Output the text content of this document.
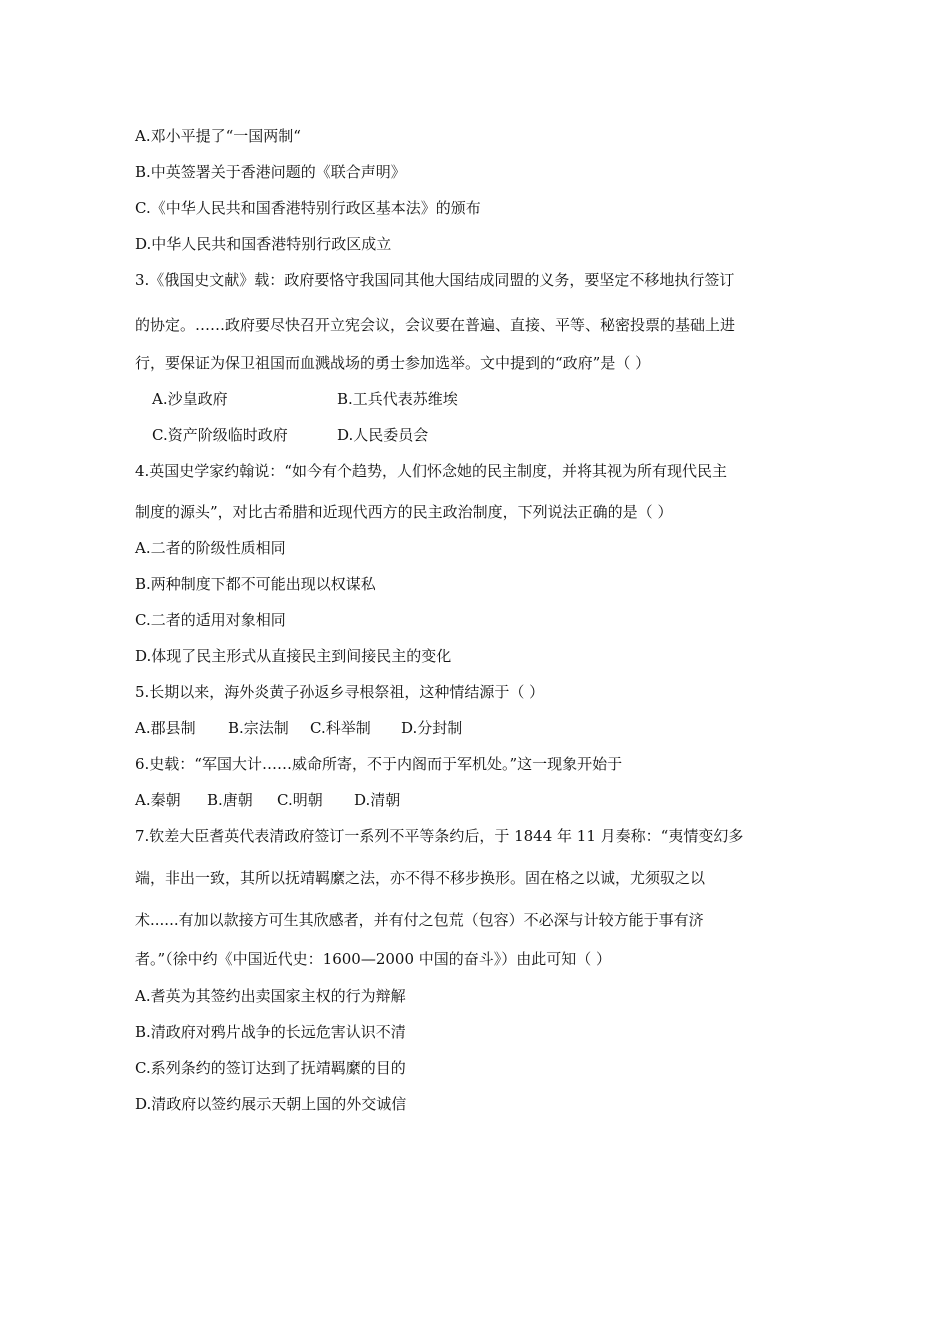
A.邓小平提了“一国两制“
B.中英签署关于香港问题的《联合声明》
C.《中华人民共和国香港特别行政区基本法》的颁布
D.中华人民共和国香港特别行政区成立
3.《俄国史文献》载：政府要恪守我国同其他大国结成同盟的义务，要坚定不移地执行签订
的协定。……政府要尽快召开立宪会议，会议要在普遍、直接、平等、秘密投票的基础上进
行，要保证为保卫祖国而血溅战场的勇士参加选举。文中提到的“政府”是（ ）
A.沙皇政府	B.工兵代表苏维埃
C.资产阶级临时政府	D.人民委员会
4.英国史学家约翰说：“如今有个趋势，人们怀念她的民主制度，并将其视为所有现代民主
制度的源头”，对比古希腊和近现代西方的民主政治制度，下列说法正确的是（ ）
A.二者的阶级性质相同
B.两种制度下都不可能出现以权谋私
C.二者的适用对象相同
D.体现了民主形式从直接民主到间接民主的变化
5.长期以来，海外炎黄子孙返乡寻根祭祖，这种情结源于（ ）
A.郡县制 B.宗法制 C.科举制 D.分封制
6.史载：“军国大计……威命所寄，不于内阁而于军机处。”这一现象开始于
A.秦朝 B.唐朝 C.明朝 D.清朝
7.钦差大臣耆英代表清政府签订一系列不平等条约后，于 1844 年 11 月奏称：“夷情变幻多
端，非出一致，其所以抚靖羁縻之法，亦不得不移步换形。固在格之以诚，尤须驭之以
术......有加以款接方可生其欣感者，并有付之包荒（包容）不必深与计较方能于事有济
者。”（徐中约《中国近代史：1600—2000 中国的奋斗》）由此可知（ ）
A.耆英为其签约出卖国家主权的行为辩解
B.清政府对鸦片战争的长远危害认识不清
C.系列条约的签订达到了抚靖羁縻的目的
D.清政府以签约展示天朝上国的外交诚信
